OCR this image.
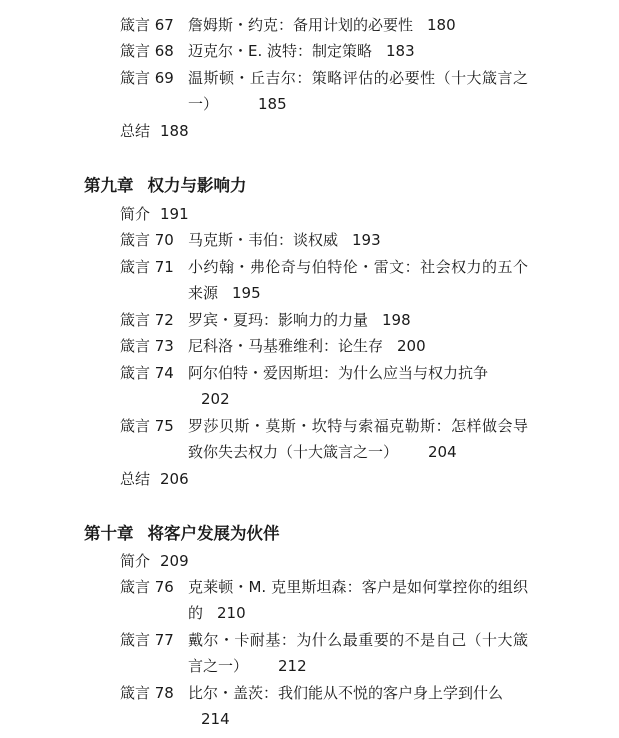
箴言 67 詹姆斯・约克：备用计划的必要性 180
箴言 68 迈克尔・E. 波特：制定策略 183
箴言 69 温斯顿・丘吉尔：策略评估的必要性（十大箴言之一）	185
总结 188
第九章 权力与影响力
简介 191
箴言 70 马克斯・韦伯：谈权威 193
箴言 71 小约翰・弗伦奇与伯特伦・雷文：社会权力的五个来源 195
箴言 72 罗宾・夏玛：影响力的力量 198
箴言 73 尼科洛・马基雅维利：论生存 200
箴言 74 阿尔伯特・爱因斯坦：为什么应当与权力抗争
202
箴言 75 罗莎贝斯・莫斯・坎特与索福克勒斯：怎样做会导致你失去权力（十大箴言之一） 204
总结 206
第十章 将客户发展为伙伴
简介 209
箴言 76 克莱顿・M. 克里斯坦森：客户是如何掌控你的组织的 210
箴言 77 戴尔・卡耐基：为什么最重要的不是自己（十大箴言之一） 212
箴言 78 比尔・盖茨：我们能从不悦的客户身上学到什么
214
